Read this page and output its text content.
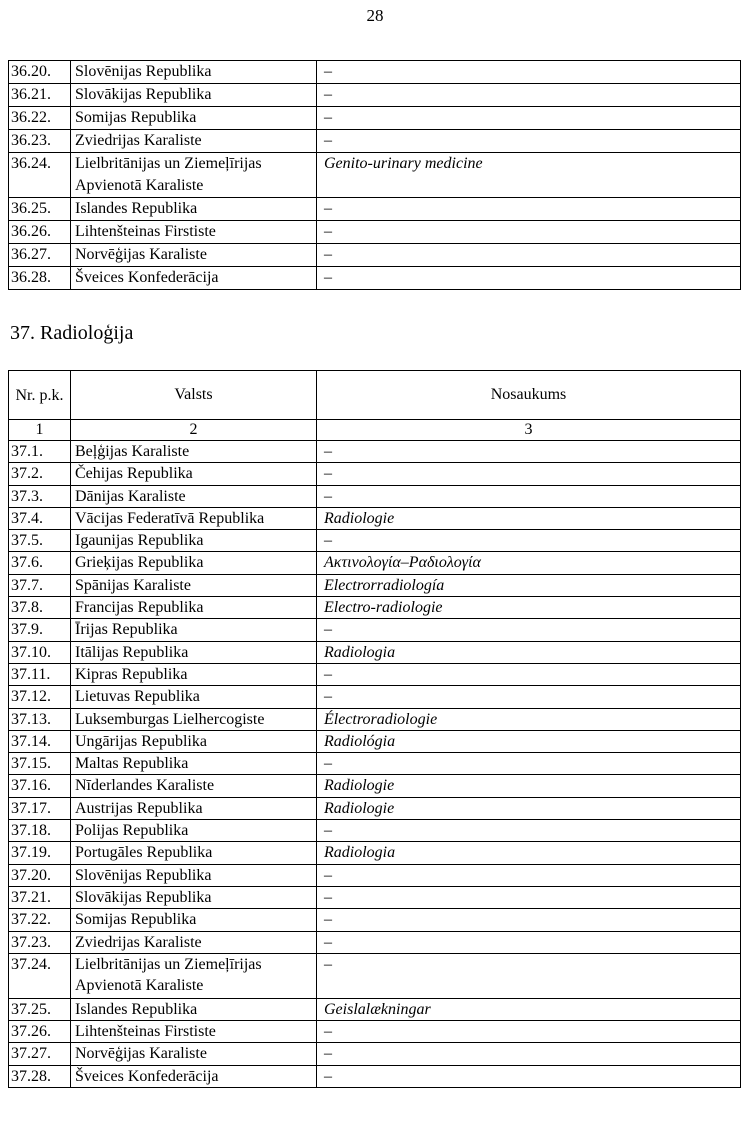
28
36.20.	Slovēnijas Republika	–
36.21.	Slovākijas Republika	–
36.22.	Somijas Republika	–
36.23.	Zviedrijas Karaliste	–
36.24.	Lielbritānijas un Ziemeļīrijas Apvienotā Karaliste	Genito-urinary medicine
36.25.	Islandes Republika	–
36.26.	Lihtenšteinas Firstiste	–
36.27.	Norvēģijas Karaliste	–
36.28.	Šveices Konfederācija	–
37. Radioloģija
Nr. p.k.	Valsts	Nosaukums
1	2	3
37.1.	Beļģijas Karaliste	–
37.2.	Čehijas Republika	–
37.3.	Dānijas Karaliste	–
37.4.	Vācijas Federatīvā Republika	Radiologie
37.5.	Igaunijas Republika	–
37.6.	Grieķijas Republika	Ακτινολογία–Ραδιολογία
37.7.	Spānijas Karaliste	Electrorradiología
37.8.	Francijas Republika	Electro-radiologie
37.9.	Īrijas Republika	–
37.10.	Itālijas Republika	Radiologia
37.11.	Kipras Republika	–
37.12.	Lietuvas Republika	–
37.13.	Luksemburgas Lielhercogiste	Électroradiologie
37.14.	Ungārijas Republika	Radiológia
37.15.	Maltas Republika	–
37.16.	Nīderlandes Karaliste	Radiologie
37.17.	Austrijas Republika	Radiologie
37.18.	Polijas Republika	–
37.19.	Portugāles Republika	Radiologia
37.20.	Slovēnijas Republika	–
37.21.	Slovākijas Republika	–
37.22.	Somijas Republika	–
37.23.	Zviedrijas Karaliste	–
37.24.	Lielbritānijas un Ziemeļīrijas Apvienotā Karaliste	–
37.25.	Islandes Republika	Geislalækningar
37.26.	Lihtenšteinas Firstiste	–
37.27.	Norvēģijas Karaliste	–
37.28.	Šveices Konfederācija	–
